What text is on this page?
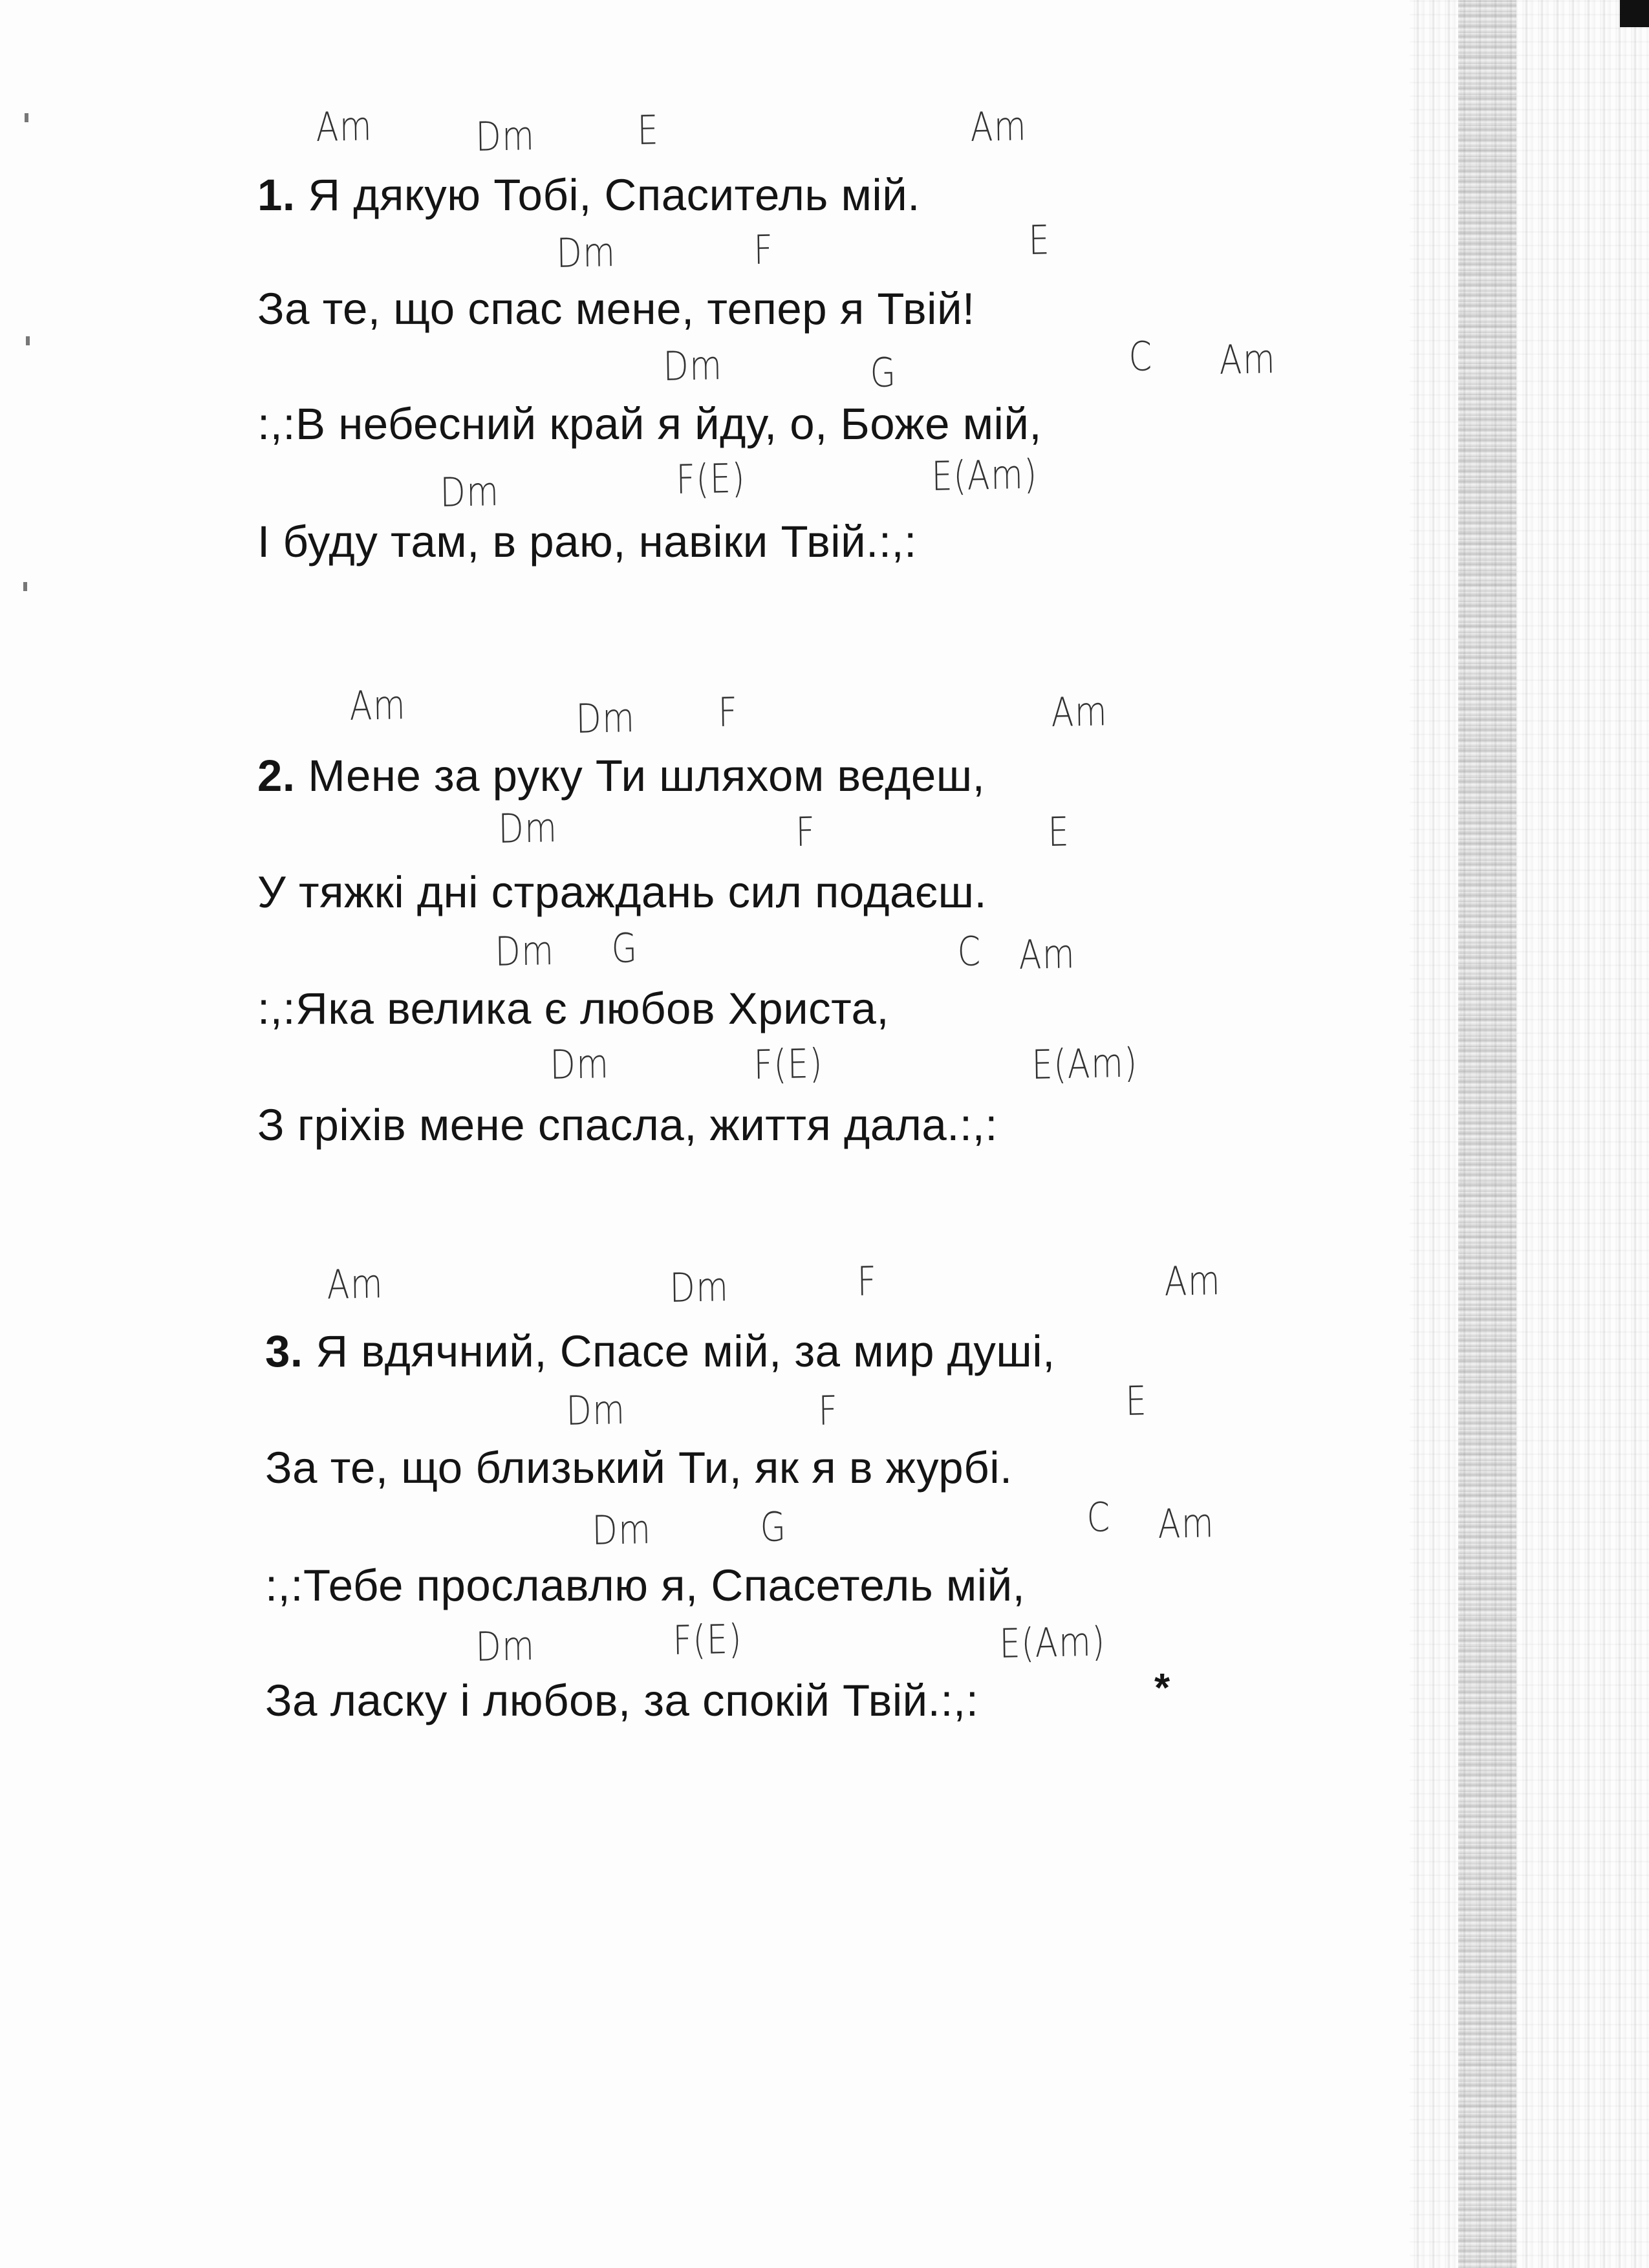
Am	Dm	E	Am
1. Я дякую Тобі, Спаситель мій.
Dm	F	E
За те, що спас мене, тепер я Твій!
Dm	G	C Am
:,:В небесний край я йду, о, Боже мій,
Dm	F(E)	E(Am)
І буду там, в раю, навіки Твій.:,:
Am	Dm F	Am
2. Мене за руку Ти шляхом ведеш,
Dm	F	E
У тяжкі дні страждань сил подаєш.
Dm G	C Am
:,:Яка велика є любов Христа,
Dm	F(E)	E(Am)
З гріхів мене спасла, життя дала.:,:
Am	Dm	F	Am
3. Я вдячний, Спасе мій, за мир душі,
Dm	F	E
За те, що близький Ти, як я в журбі.
Dm	G	C Am
:,:Тебе прославлю я, Спасетель мій,
Dm	F(E)	E(Am)
За ласку і любов, за спокій Твій.:,:	*
